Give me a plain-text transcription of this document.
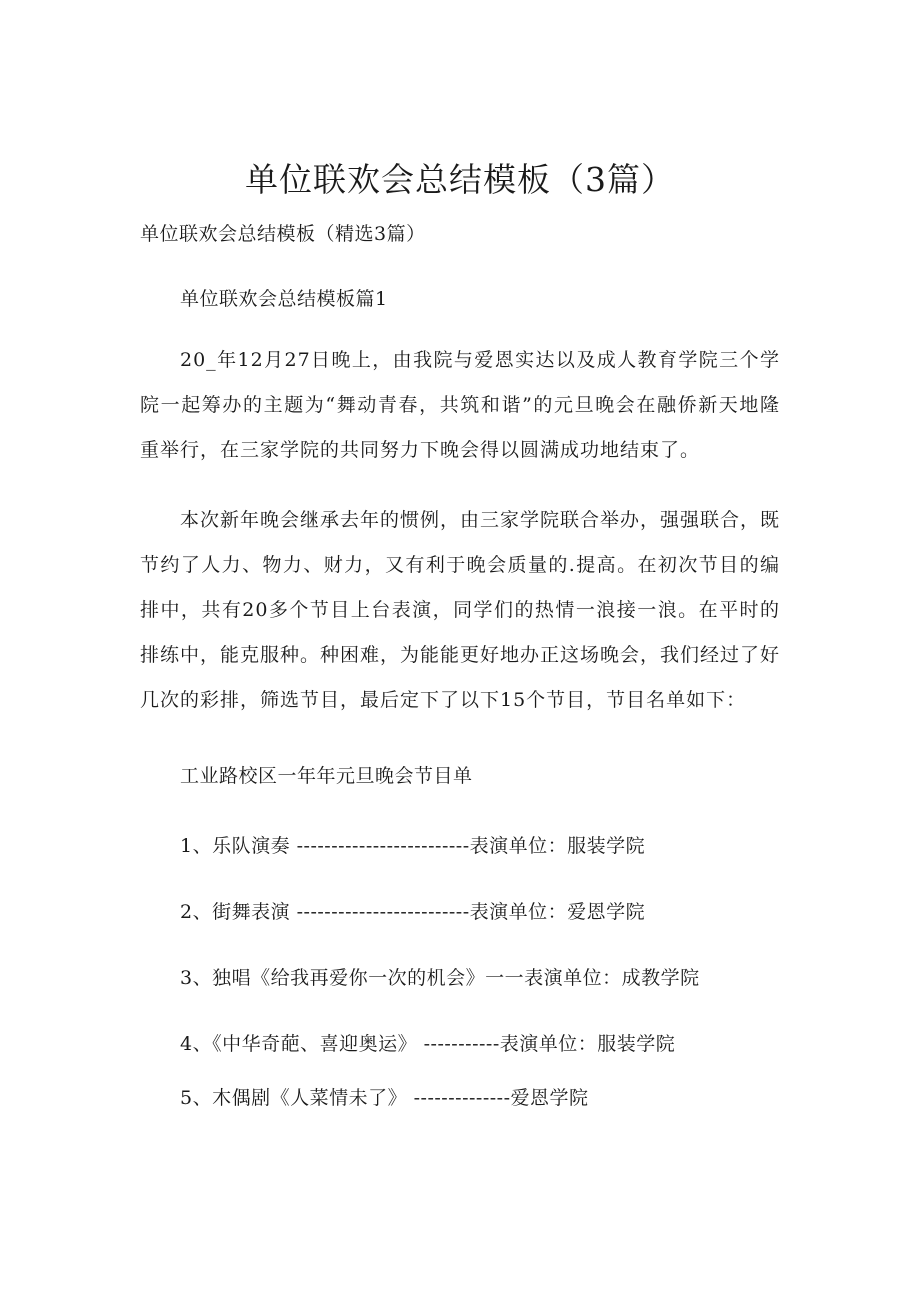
单位联欢会总结模板（3篇）
单位联欢会总结模板（精选3篇）
单位联欢会总结模板篇1

20_年12月27日晚上，由我院与爱恩实达以及成人教育学院三个学院一起筹办的主题为“舞动青春，共筑和谐”的元旦晚会在融侨新天地隆重举行，在三家学院的共同努力下晚会得以圆满成功地结束了。

本次新年晚会继承去年的惯例，由三家学院联合举办，强强联合，既节约了人力、物力、财力，又有利于晚会质量的.提高。在初次节目的编排中，共有20多个节目上台表演，同学们的热情一浪接一浪。在平时的排练中，能克服种。种困难，为能能更好地办正这场晚会，我们经过了好几次的彩排，筛选节目，最后定下了以下15个节目，节目名单如下：

工业路校区一年年元旦晚会节目单
1、乐队演奏 -------------------------表演单位：服装学院
2、街舞表演 -------------------------表演单位：爱恩学院
3、独唱《给我再爱你一次的机会》一一表演单位：成教学院
4、《中华奇葩、喜迎奥运》 -----------表演单位：服装学院
5、木偶剧《人菜情未了》 --------------爱恩学院
